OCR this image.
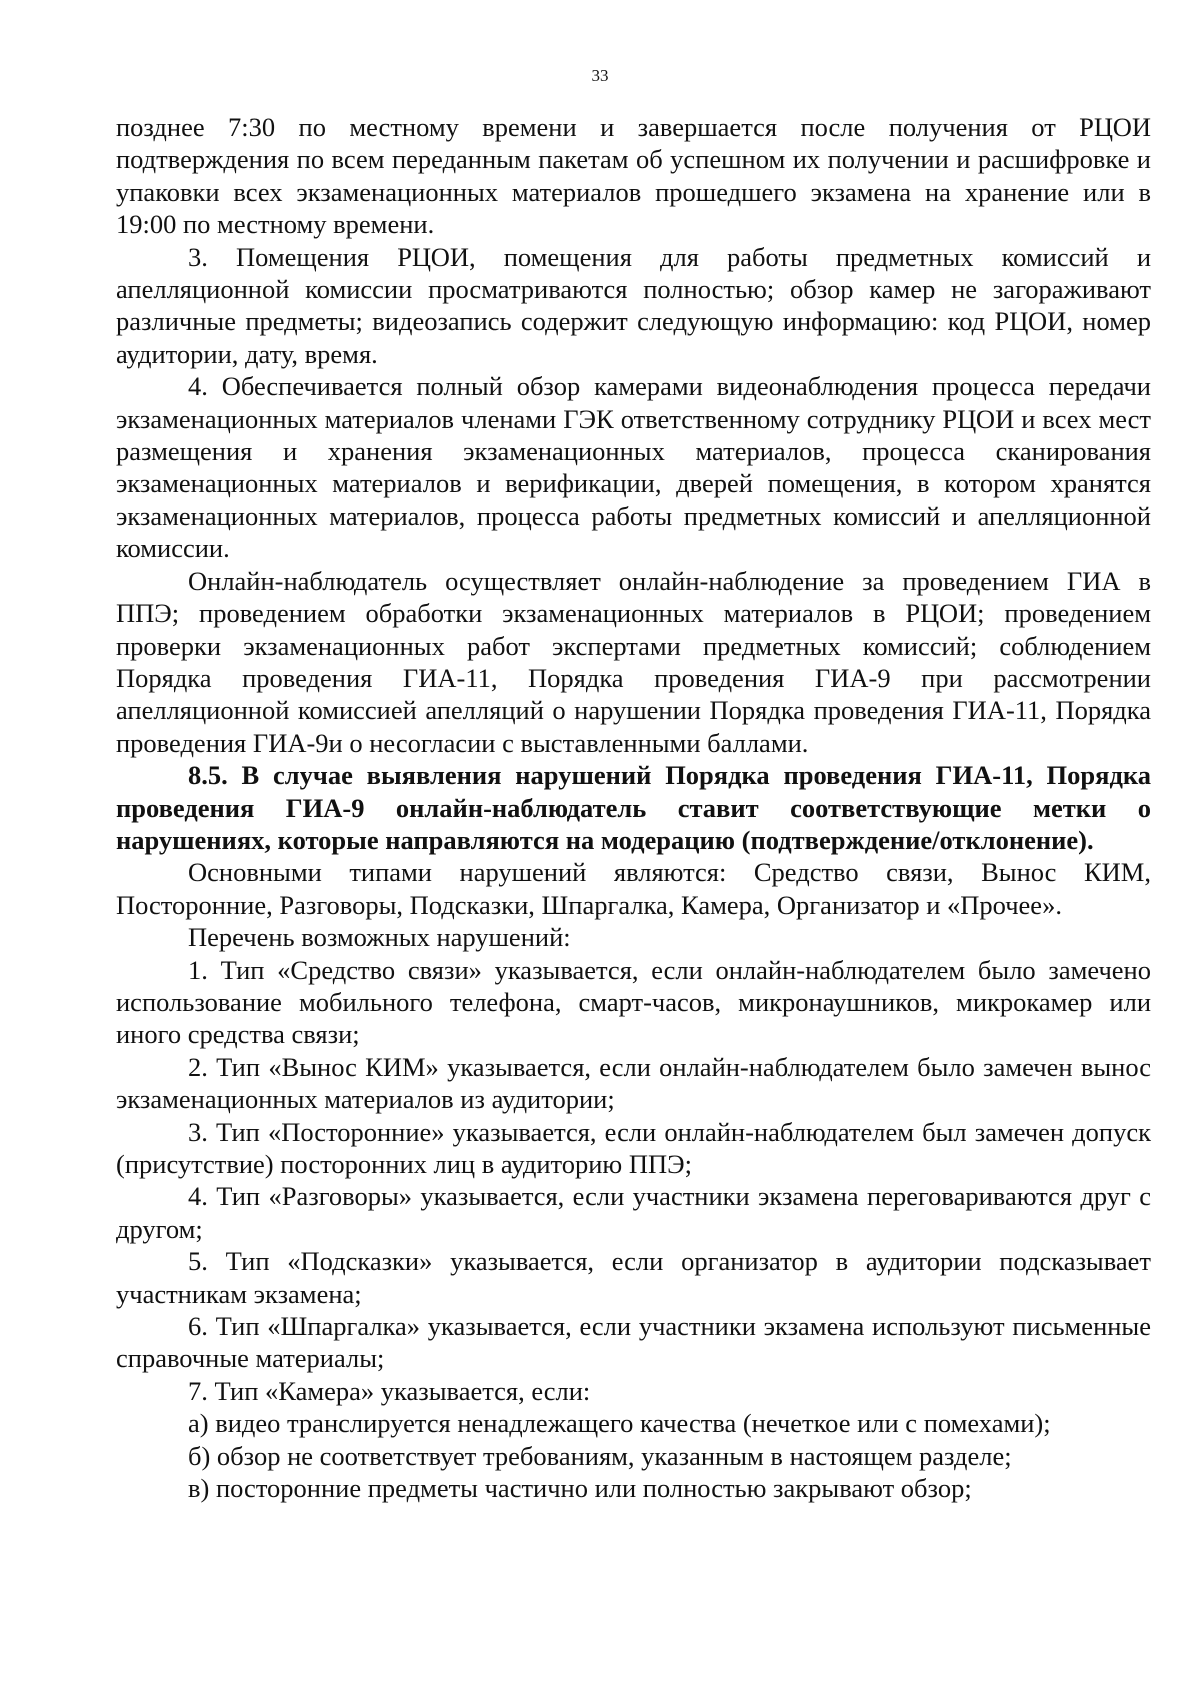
33

позднее 7:30 по местному времени и завершается после получения от РЦОИ подтверждения по всем переданным пакетам об успешном их получении и расшифровке и упаковки всех экзаменационных материалов прошедшего экзамена на хранение или в 19:00 по местному времени.

3. Помещения РЦОИ, помещения для работы предметных комиссий и апелляционной комиссии просматриваются полностью; обзор камер не загораживают различные предметы; видеозапись содержит следующую информацию: код РЦОИ, номер аудитории, дату, время.

4. Обеспечивается полный обзор камерами видеонаблюдения процесса передачи экзаменационных материалов членами ГЭК ответственному сотруднику РЦОИ и всех мест размещения и хранения экзаменационных материалов, процесса сканирования экзаменационных материалов и верификации, дверей помещения, в котором хранятся экзаменационных материалов, процесса работы предметных комиссий и апелляционной комиссии.

Онлайн-наблюдатель осуществляет онлайн-наблюдение за проведением ГИА в ППЭ; проведением обработки экзаменационных материалов в РЦОИ; проведением проверки экзаменационных работ экспертами предметных комиссий; соблюдением Порядка проведения ГИА-11, Порядка проведения ГИА-9 при рассмотрении апелляционной комиссией апелляций о нарушении Порядка проведения ГИА-11, Порядка проведения ГИА-9и о несогласии с выставленными баллами.

8.5. В случае выявления нарушений Порядка проведения ГИА-11, Порядка проведения ГИА-9 онлайн-наблюдатель ставит соответствующие метки о нарушениях, которые направляются на модерацию (подтверждение/отклонение).

Основными типами нарушений являются: Средство связи, Вынос КИМ, Посторонние, Разговоры, Подсказки, Шпаргалка, Камера, Организатор и «Прочее».

Перечень возможных нарушений:

1. Тип «Средство связи» указывается, если онлайн-наблюдателем было замечено использование мобильного телефона, смарт-часов, микронаушников, микрокамер или иного средства связи;

2. Тип «Вынос КИМ» указывается, если онлайн-наблюдателем было замечен вынос экзаменационных материалов из аудитории;

3. Тип «Посторонние» указывается, если онлайн-наблюдателем был замечен допуск (присутствие) посторонних лиц в аудиторию ППЭ;

4. Тип «Разговоры» указывается, если участники экзамена переговариваются друг с другом;

5. Тип «Подсказки» указывается, если организатор в аудитории подсказывает участникам экзамена;

6. Тип «Шпаргалка» указывается, если участники экзамена используют письменные справочные материалы;

7. Тип «Камера» указывается, если:

а) видео транслируется ненадлежащего качества (нечеткое или с помехами);

б) обзор не соответствует требованиям, указанным в настоящем разделе;

в) посторонние предметы частично или полностью закрывают обзор;
